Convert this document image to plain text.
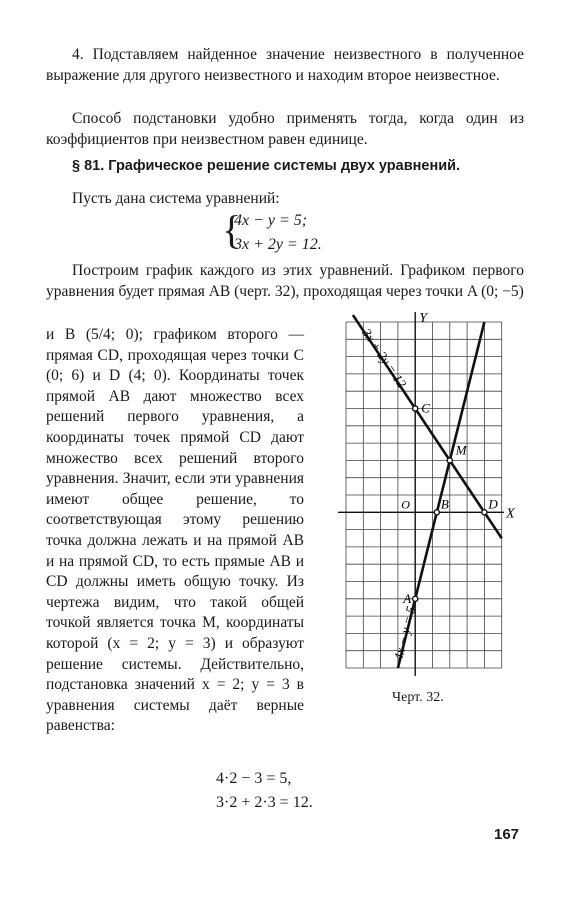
4. Подставляем найденное значение неизвестного в полученное выражение для другого неизвестного и находим второе неизвестное.

Способ подстановки удобно применять тогда, когда один из коэффициентов при неизвестном равен единице.

§ 81. Графическое решение системы двух уравнений.

Пусть дана система уравнений:

{
4x − y = 5;
3x + 2y = 12.

Построим график каждого из этих уравнений. Графиком первого уравнения будет прямая AB (черт. 32), проходящая через точки A (0; −5)

и B (5/4; 0); графиком второго — прямая CD, проходящая через точки C (0; 6) и D (4; 0). Координаты точек прямой AB дают множество всех решений первого уравнения, а координаты точек прямой CD дают множество всех решений второго уравнения. Значит, если эти уравнения имеют общее решение, то соответствующая этому решению точка должна лежать и на прямой AB и на прямой CD, то есть прямые AB и CD должны иметь общую точку. Из чертежа видим, что такой общей точкой является точка M, координаты которой (x = 2; y = 3) и образуют решение системы. Действительно, подстановка значений x = 2; y = 3 в уравнения системы даёт верные равенства:

X
Y
O
3x + 2y = 12
4x − y = 5
A
B
C
D
M

Черт. 32.

4·2 − 3 = 5,
3·2 + 2·3 = 12.
167
